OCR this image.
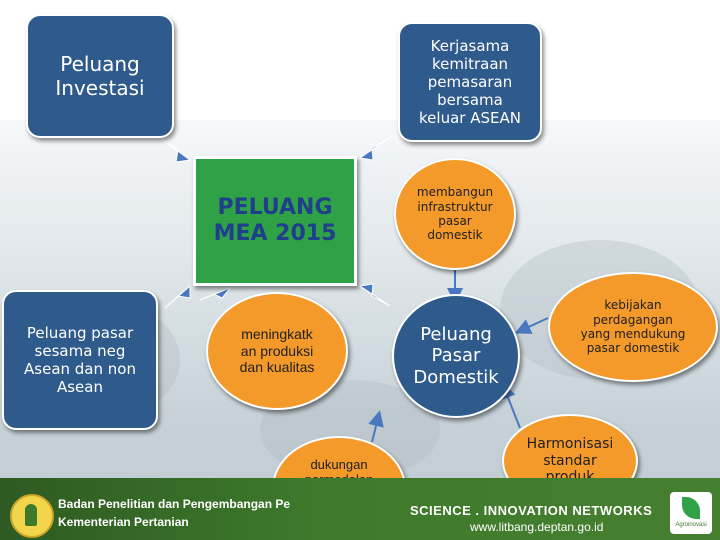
Peluang
Investasi
Kerjasama
kemitraan
pemasaran
bersama
keluar ASEAN
Peluang pasar
sesama neg
Asean dan non
Asean
PELUANG
MEA 2015
meningkatk
an produksi
dan kualitas
membangun
infrastruktur
pasar
domestik
kebijakan
perdagangan
yang mendukung
pasar domestik
Harmonisasi
standar

dukungan

Peluang
Pasar
Domestik
Badan Penelitian dan Pengembangan Pe
Kementerian Pertanian
SCIENCE . INNOVATION NETWORKS
www.litbang.deptan.go.id	Agroinovasi
